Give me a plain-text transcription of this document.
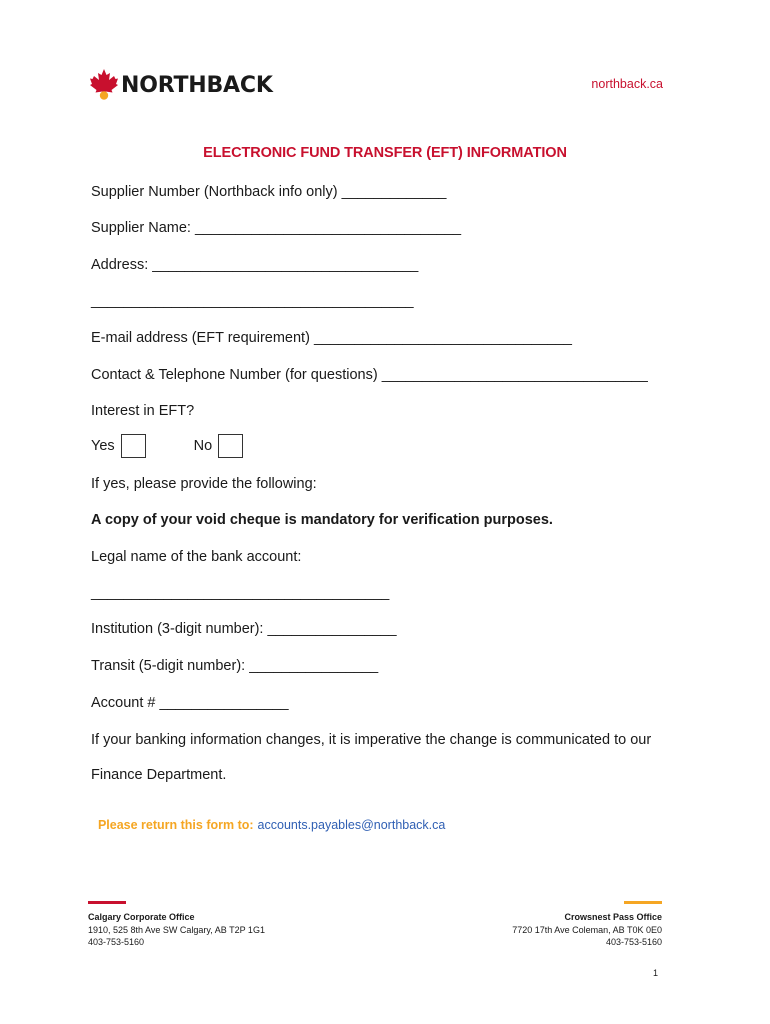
NORTHBACK	northback.ca
ELECTRONIC FUND TRANSFER (EFT) INFORMATION
Supplier Number (Northback info only) _____________
Supplier Name: _________________________________
Address: _________________________________
________________________________________
E-mail address (EFT requirement) ________________________________
Contact & Telephone Number (for questions) _________________________________
Interest in EFT?
Yes	No
If yes, please provide the following:
A copy of your void cheque is mandatory for verification purposes.
Legal name of the bank account:
_____________________________________
Institution (3-digit number): ________________
Transit (5-digit number): ________________
Account # ________________
If your banking information changes, it is imperative the change is communicated to our
Finance Department.

Please return this form to: accounts.payables@northback.ca

Calgary Corporate Office
1910, 525 8th Ave SW Calgary, AB T2P 1G1
403-753-5160
Crowsnest Pass Office
7720 17th Ave Coleman, AB T0K 0E0
403-753-5160
1
